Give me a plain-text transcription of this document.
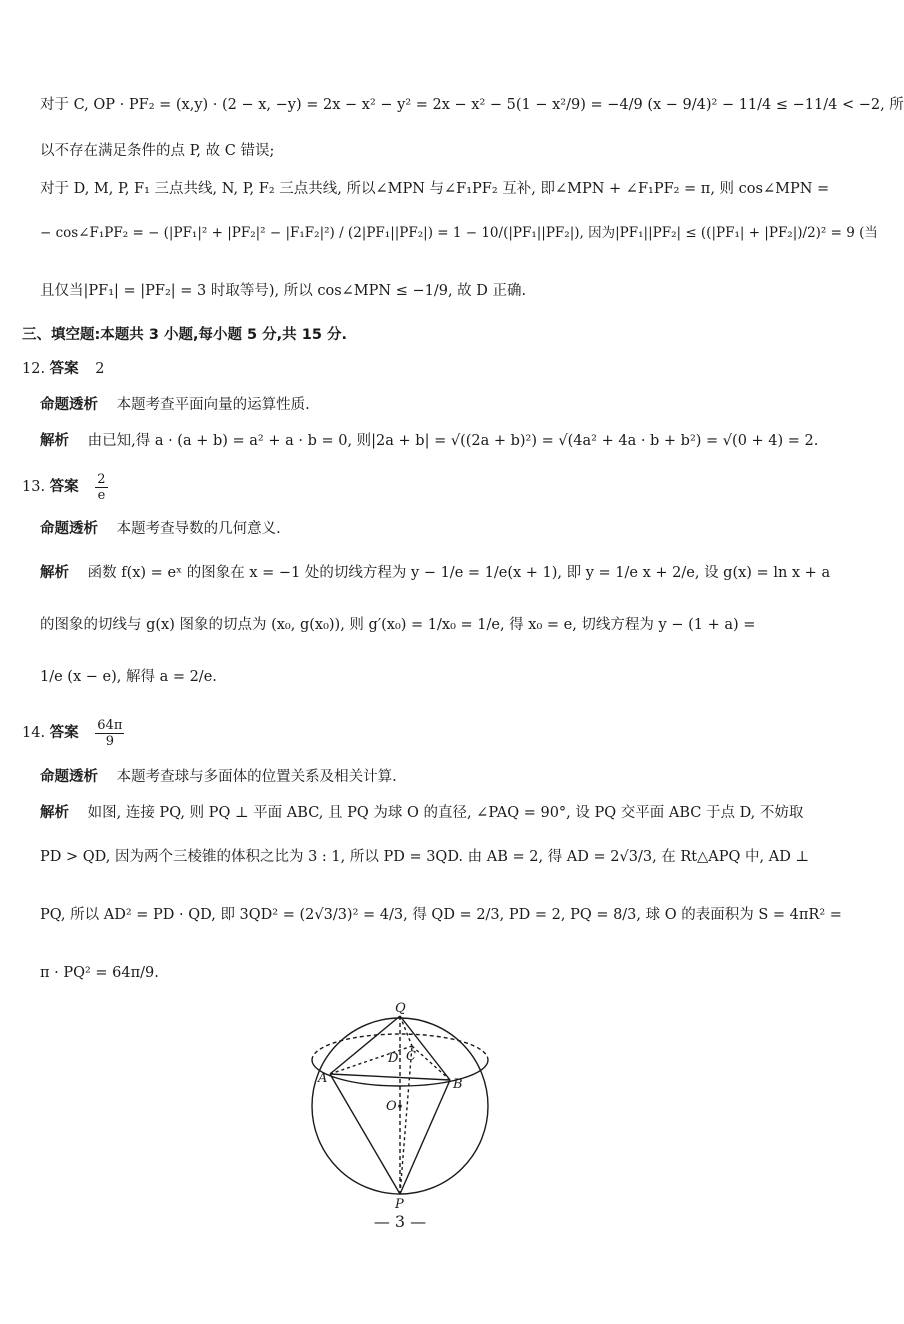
对于 C, OP · PF₂ = (x,y) · (2 − x, −y) = 2x − x² − y² = 2x − x² − 5(1 − x²/9) = −4/9 (x − 9/4)² − 11/4 ≤ −11/4 < −2, 所
以不存在满足条件的点 P, 故 C 错误;
对于 D, M, P, F₁ 三点共线, N, P, F₂ 三点共线, 所以∠MPN 与∠F₁PF₂ 互补, 即∠MPN + ∠F₁PF₂ = π, 则 cos∠MPN =
− cos∠F₁PF₂ = − (|PF₁|² + |PF₂|² − |F₁F₂|²) / (2|PF₁||PF₂|) = 1 − 10/(|PF₁||PF₂|), 因为|PF₁||PF₂| ≤ ((|PF₁| + |PF₂|)/2)² = 9 (当
且仅当|PF₁| = |PF₂| = 3 时取等号), 所以 cos∠MPN ≤ −1/9, 故 D 正确.
三、填空题:本题共 3 小题,每小题 5 分,共 15 分.
12. 答案 2
命题透析 本题考查平面向量的运算性质.
解析 由已知,得 a · (a + b) = a² + a · b = 0, 则|2a + b| = √((2a + b)²) = √(4a² + 4a · b + b²) = √(0 + 4) = 2.
13. 答案 $\frac{2}{e}$
命题透析 本题考查导数的几何意义.
解析 函数 f(x) = eˣ 的图象在 x = −1 处的切线方程为 y − 1/e = 1/e(x + 1), 即 y = 1/e x + 2/e, 设 g(x) = ln x + a
的图象的切线与 g(x) 图象的切点为 (x₀, g(x₀)), 则 g′(x₀) = 1/x₀ = 1/e, 得 x₀ = e, 切线方程为 y − (1 + a) =
1/e (x − e), 解得 a = 2/e.
14. 答案 $\frac{64\pi}{9}$
命题透析 本题考查球与多面体的位置关系及相关计算.
解析 如图, 连接 PQ, 则 PQ ⊥ 平面 ABC, 且 PQ 为球 O 的直径, ∠PAQ = 90°, 设 PQ 交平面 ABC 于点 D, 不妨取
PD > QD, 因为两个三棱锥的体积之比为 3 : 1, 所以 PD = 3QD. 由 AB = 2, 得 AD = 2√3/3, 在 Rt△APQ 中, AD ⊥
PQ, 所以 AD² = PD · QD, 即 3QD² = (2√3/3)² = 4/3, 得 QD = 2/3, PD = 2, PQ = 8/3, 球 O 的表面积为 S = 4πR² =
π · PQ² = 64π/9.
Q
D C
A	B
O
P
— 3 —
